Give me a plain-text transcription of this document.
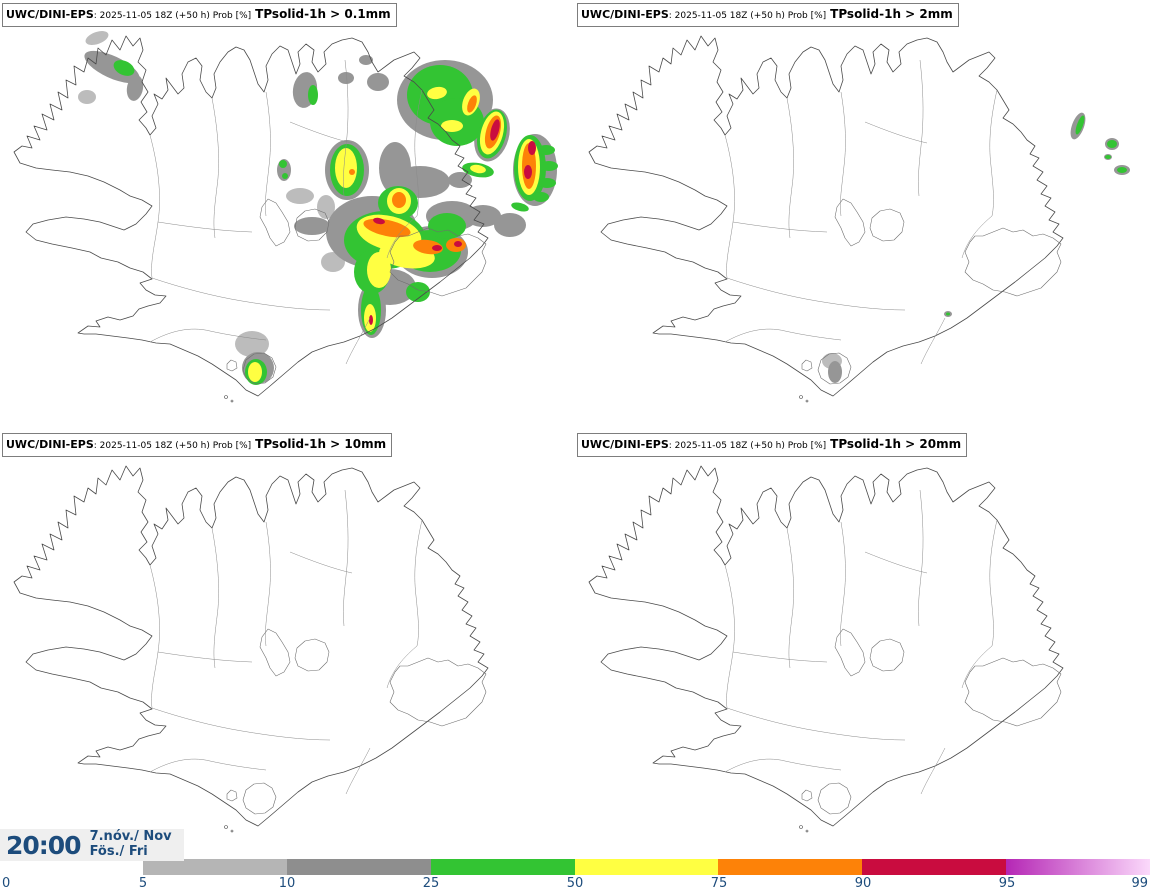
UWC/DINI-EPS: 2025-11-05 18Z (+50 h) Prob [%] TPsolid-1h > 0.1mm	UWC/DINI-EPS: 2025-11-05 18Z (+50 h) Prob [%] TPsolid-1h > 2mm
UWC/DINI-EPS: 2025-11-05 18Z (+50 h) Prob [%] TPsolid-1h > 10mm	UWC/DINI-EPS: 2025-11-05 18Z (+50 h) Prob [%] TPsolid-1h > 20mm
20:00 7.nóv./ Nov
Fös./ Fri
0	5	10	25	50	75	90	95	99
